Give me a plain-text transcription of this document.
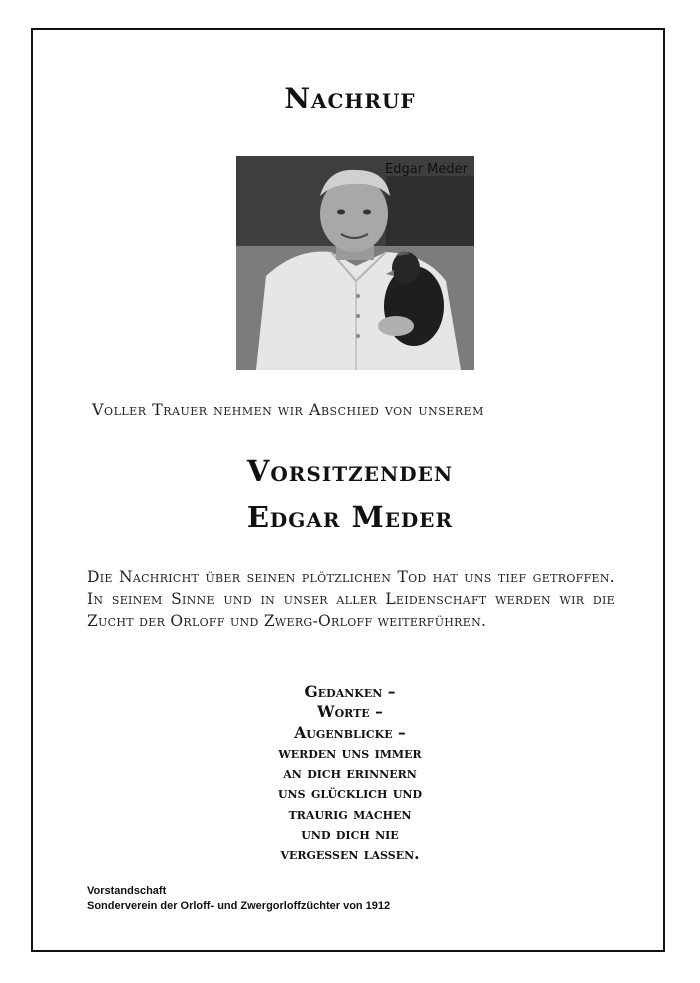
Nachruf
Edgar Meder
Voller Trauer nehmen wir Abschied von unserem
Vorsitzenden
Edgar Meder
Die Nachricht über seinen plötzlichen Tod hat uns tief getroffen. In seinem Sinne und in unser aller Leidenschaft werden wir die Zucht der Orloff und Zwerg-Orloff weiterführen.
Gedanken –
Worte –
Augenblicke –
werden uns immer
an dich erinnern
uns glücklich und
traurig machen
und dich nie
vergessen lassen.
Vorstandschaft
Sonderverein der Orloff- und Zwergorloffzüchter von 1912
